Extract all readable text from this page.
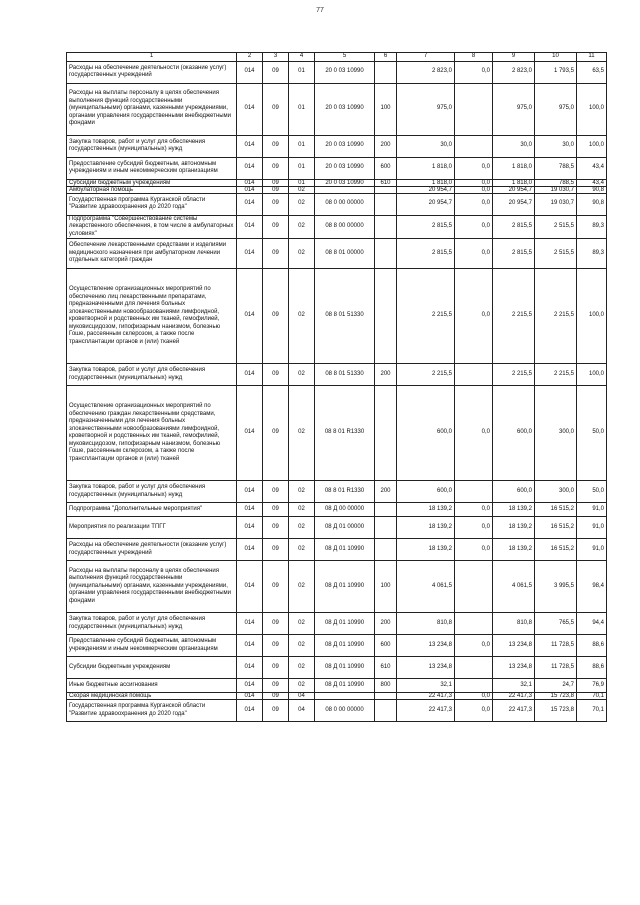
77
1	2	3	4	5	6	7	8	9	10	11
Расходы на обеспечение деятельности (оказание услуг) государственных учреждений	014	09	01	20 0 03 10990		2 823,0	0,0	2 823,0	1 793,5	63,5
Расходы на выплаты персоналу в целях обеспечения выполнения функций государственными (муниципальными) органами, казенными учреждениями, органами управления государственными внебюджетными фондами	014	09	01	20 0 03 10990	100	975,0		975,0	975,0	100,0
Закупка товаров, работ и услуг для обеспечения государственных (муниципальных) нужд	014	09	01	20 0 03 10990	200	30,0		30,0	30,0	100,0
Предоставление субсидий бюджетным, автономным учреждениям и иным некоммерческим организациям	014	09	01	20 0 03 10990	600	1 818,0	0,0	1 818,0	788,5	43,4
Субсидии бюджетным учреждениям	014	09	01	20 0 03 10990	610	1 818,0	0,0	1 818,0	788,5	43,4
Амбулаторная помощь	014	09	02			20 954,7	0,0	20 954,7	19 030,7	90,8
Государственная программа Курганской области "Развитие здравоохранения до 2020 года"	014	09	02	08 0 00 00000		20 954,7	0,0	20 954,7	19 030,7	90,8
Подпрограмма "Совершенствование системы лекарственного обеспечения, в том числе в амбулаторных условиях"	014	09	02	08 8 00 00000		2 815,5	0,0	2 815,5	2 515,5	89,3
Обеспечение лекарственными средствами и изделиями медицинского назначения при амбулаторном лечении отдельных категорий граждан	014	09	02	08 8 01 00000		2 815,5	0,0	2 815,5	2 515,5	89,3
Осуществление организационных мероприятий по обеспечению лиц лекарственными препаратами, предназначенными для лечения больных злокачественными новообразованиями лимфоидной, кроветворной и родственных им тканей, гемофилией, муковисцидозом, гипофизарным нанизмом, болезнью Гоше, рассеянным склерозом, а также после трансплантации органов и (или) тканей	014	09	02	08 8 01 51330		2 215,5	0,0	2 215,5	2 215,5	100,0
Закупка товаров, работ и услуг для обеспечения государственных (муниципальных) нужд	014	09	02	08 8 01 51330	200	2 215,5		2 215,5	2 215,5	100,0
Осуществление организационных мероприятий по обеспечению граждан лекарственными средствами, предназначенными для лечения больных злокачественными новообразованиями лимфоидной, кроветворной и родственных им тканей, гемофилией, муковисцидозом, гипофизарным нанизмом, болезнью Гоше, рассеянным склерозом, а также после трансплантации органов и (или) тканей	014	09	02	08 8 01 R1330		600,0	0,0	600,0	300,0	50,0
Закупка товаров, работ и услуг для обеспечения государственных (муниципальных) нужд	014	09	02	08 8 01 R1330	200	600,0		600,0	300,0	50,0
Подпрограмма "Дополнительные мероприятия"	014	09	02	08 Д 00 00000		18 139,2	0,0	18 139,2	16 515,2	91,0
Мероприятия по реализации ТПГГ	014	09	02	08 Д 01 00000		18 139,2	0,0	18 139,2	16 515,2	91,0
Расходы на обеспечение деятельности (оказание услуг) государственных учреждений	014	09	02	08 Д 01 10990		18 139,2	0,0	18 139,2	16 515,2	91,0
Расходы на выплаты персоналу в целях обеспечения выполнения функций государственными (муниципальными) органами, казенными учреждениями, органами управления государственными внебюджетными фондами	014	09	02	08 Д 01 10990	100	4 061,5		4 061,5	3 995,5	98,4
Закупка товаров, работ и услуг для обеспечения государственных (муниципальных) нужд	014	09	02	08 Д 01 10990	200	810,8		810,8	765,5	94,4
Предоставление субсидий бюджетным, автономным учреждениям и иным некоммерческим организациям	014	09	02	08 Д 01 10990	600	13 234,8	0,0	13 234,8	11 728,5	88,6
Субсидии бюджетным учреждениям	014	09	02	08 Д 01 10990	610	13 234,8		13 234,8	11 728,5	88,6
Иные бюджетные ассигнования	014	09	02	08 Д 01 10990	800	32,1		32,1	24,7	76,9
Скорая медицинская помощь	014	09	04			22 417,3	0,0	22 417,3	15 723,8	70,1
Государственная программа Курганской области "Развитие здравоохранения до 2020 года"	014	09	04	08 0 00 00000		22 417,3	0,0	22 417,3	15 723,8	70,1
